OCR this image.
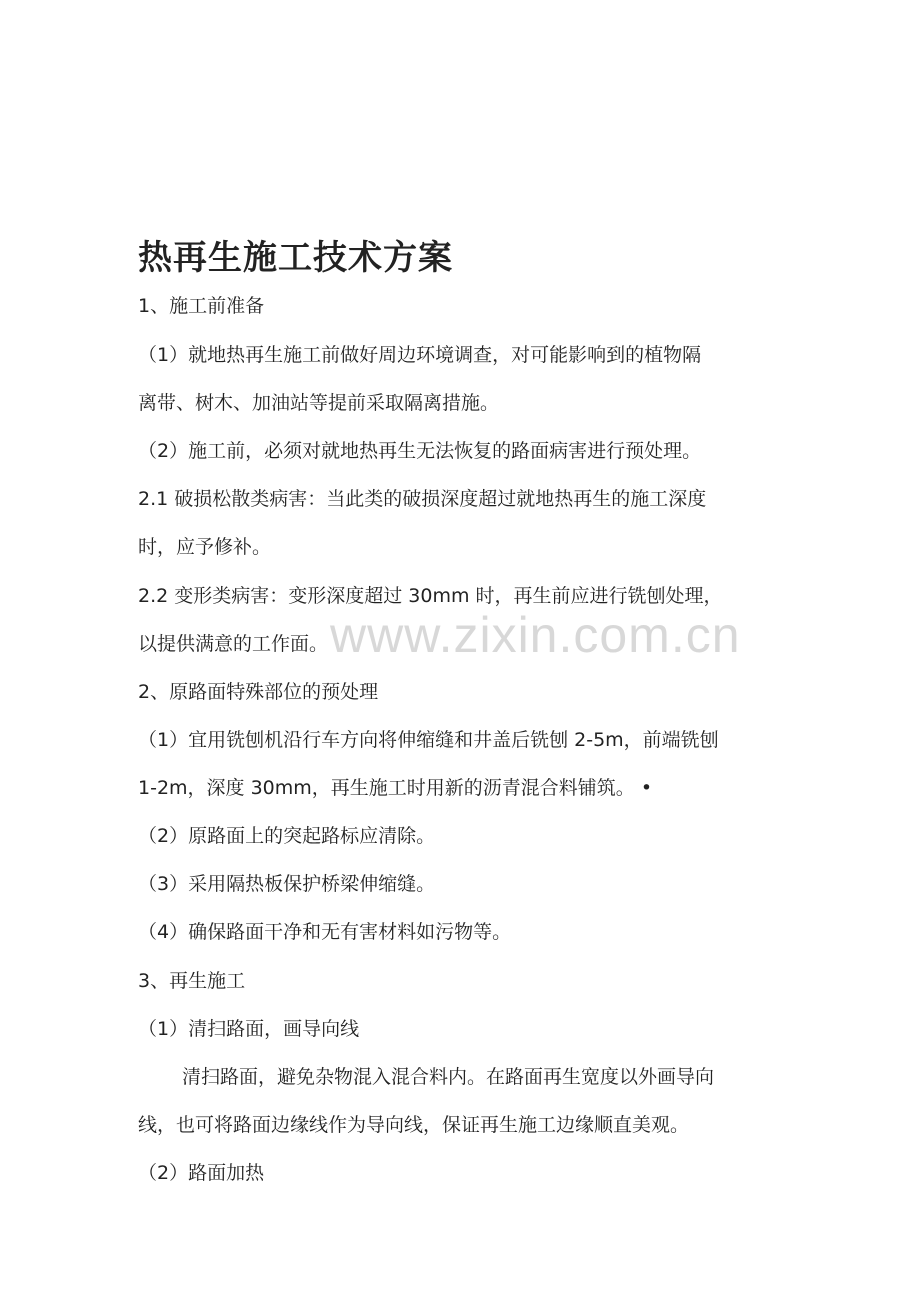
热再生施工技术方案

1、施工前准备

（1）就地热再生施工前做好周边环境调查，对可能影响到的植物隔

离带、树木、加油站等提前采取隔离措施。

（2）施工前，必须对就地热再生无法恢复的路面病害进行预处理。

2.1 破损松散类病害：当此类的破损深度超过就地热再生的施工深度

时，应予修补。

2.2 变形类病害：变形深度超过 30mm 时，再生前应进行铣刨处理，

以提供满意的工作面。

2、原路面特殊部位的预处理

（1）宜用铣刨机沿行车方向将伸缩缝和井盖后铣刨 2-5m，前端铣刨

1-2m，深度 30mm，再生施工时用新的沥青混合料铺筑。 •

（2）原路面上的突起路标应清除。

（3）采用隔热板保护桥梁伸缩缝。

（4）确保路面干净和无有害材料如污物等。

3、再生施工

（1）清扫路面，画导向线

清扫路面，避免杂物混入混合料内。在路面再生宽度以外画导向

线，也可将路面边缘线作为导向线，保证再生施工边缘顺直美观。

（2）路面加热

www.zixin.com.cn
